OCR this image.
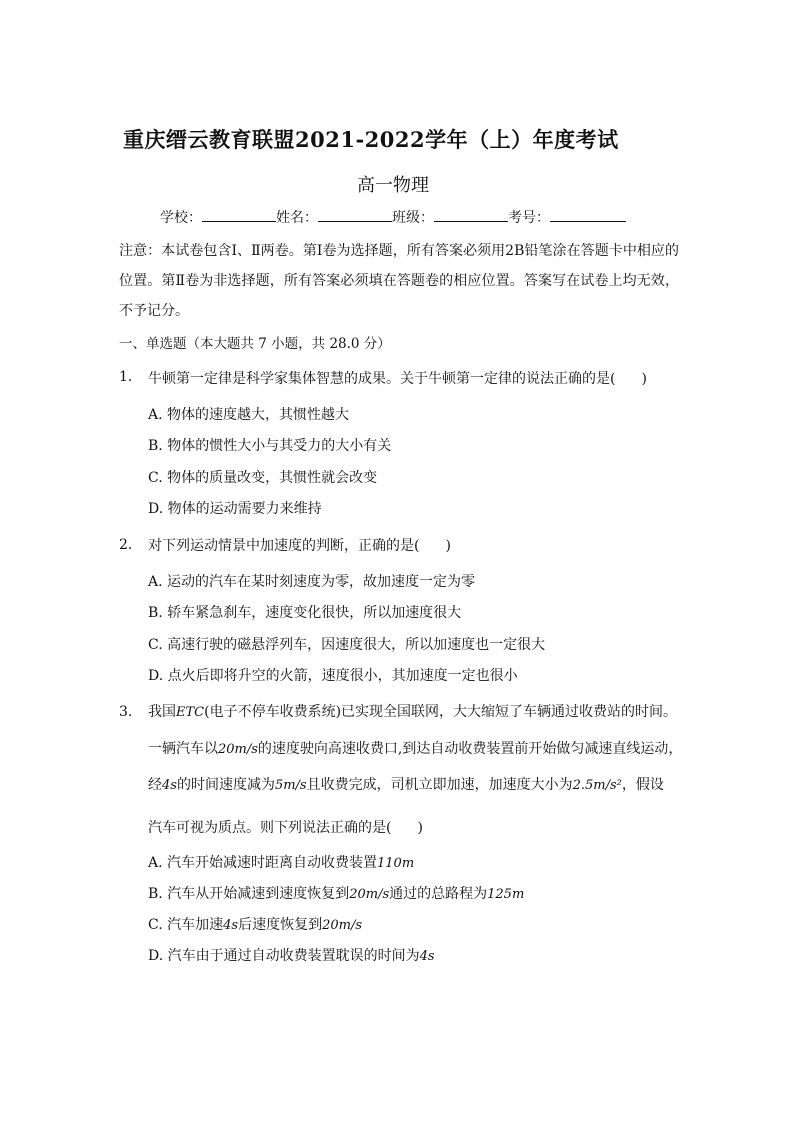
重庆缙云教育联盟2021-2022学年（上）年度考试
高一物理
学校：	姓名：	班级：	考号：
注意：本试卷包含Ⅰ、Ⅱ两卷。第Ⅰ卷为选择题，所有答案必须用2B铅笔涂在答题卡中相应的位置。第Ⅱ卷为非选择题，所有答案必须填在答题卷的相应位置。答案写在试卷上均无效，不予记分。
一、单选题（本大题共 7 小题，共 28.0 分）
1. 牛顿第一定律是科学家集体智慧的成果。关于牛顿第一定律的说法正确的是( )
A. 物体的速度越大，其惯性越大
B. 物体的惯性大小与其受力的大小有关
C. 物体的质量改变，其惯性就会改变
D. 物体的运动需要力来维持
2. 对下列运动情景中加速度的判断，正确的是( )
A. 运动的汽车在某时刻速度为零，故加速度一定为零
B. 轿车紧急刹车，速度变化很快，所以加速度很大
C. 高速行驶的磁悬浮列车，因速度很大，所以加速度也一定很大
D. 点火后即将升空的火箭，速度很小，其加速度一定也很小
3. 我国ETC(电子不停车收费系统)已实现全国联网，大大缩短了车辆通过收费站的时间。
一辆汽车以20m/s的速度驶向高速收费口,到达自动收费装置前开始做匀减速直线运动，
经4s的时间速度减为5m/s且收费完成，司机立即加速，加速度大小为2.5m/s²，假设
汽车可视为质点。则下列说法正确的是( )
A. 汽车开始减速时距离自动收费装置110m
B. 汽车从开始减速到速度恢复到20m/s通过的总路程为125m
C. 汽车加速4s后速度恢复到20m/s
D. 汽车由于通过自动收费装置耽误的时间为4s
